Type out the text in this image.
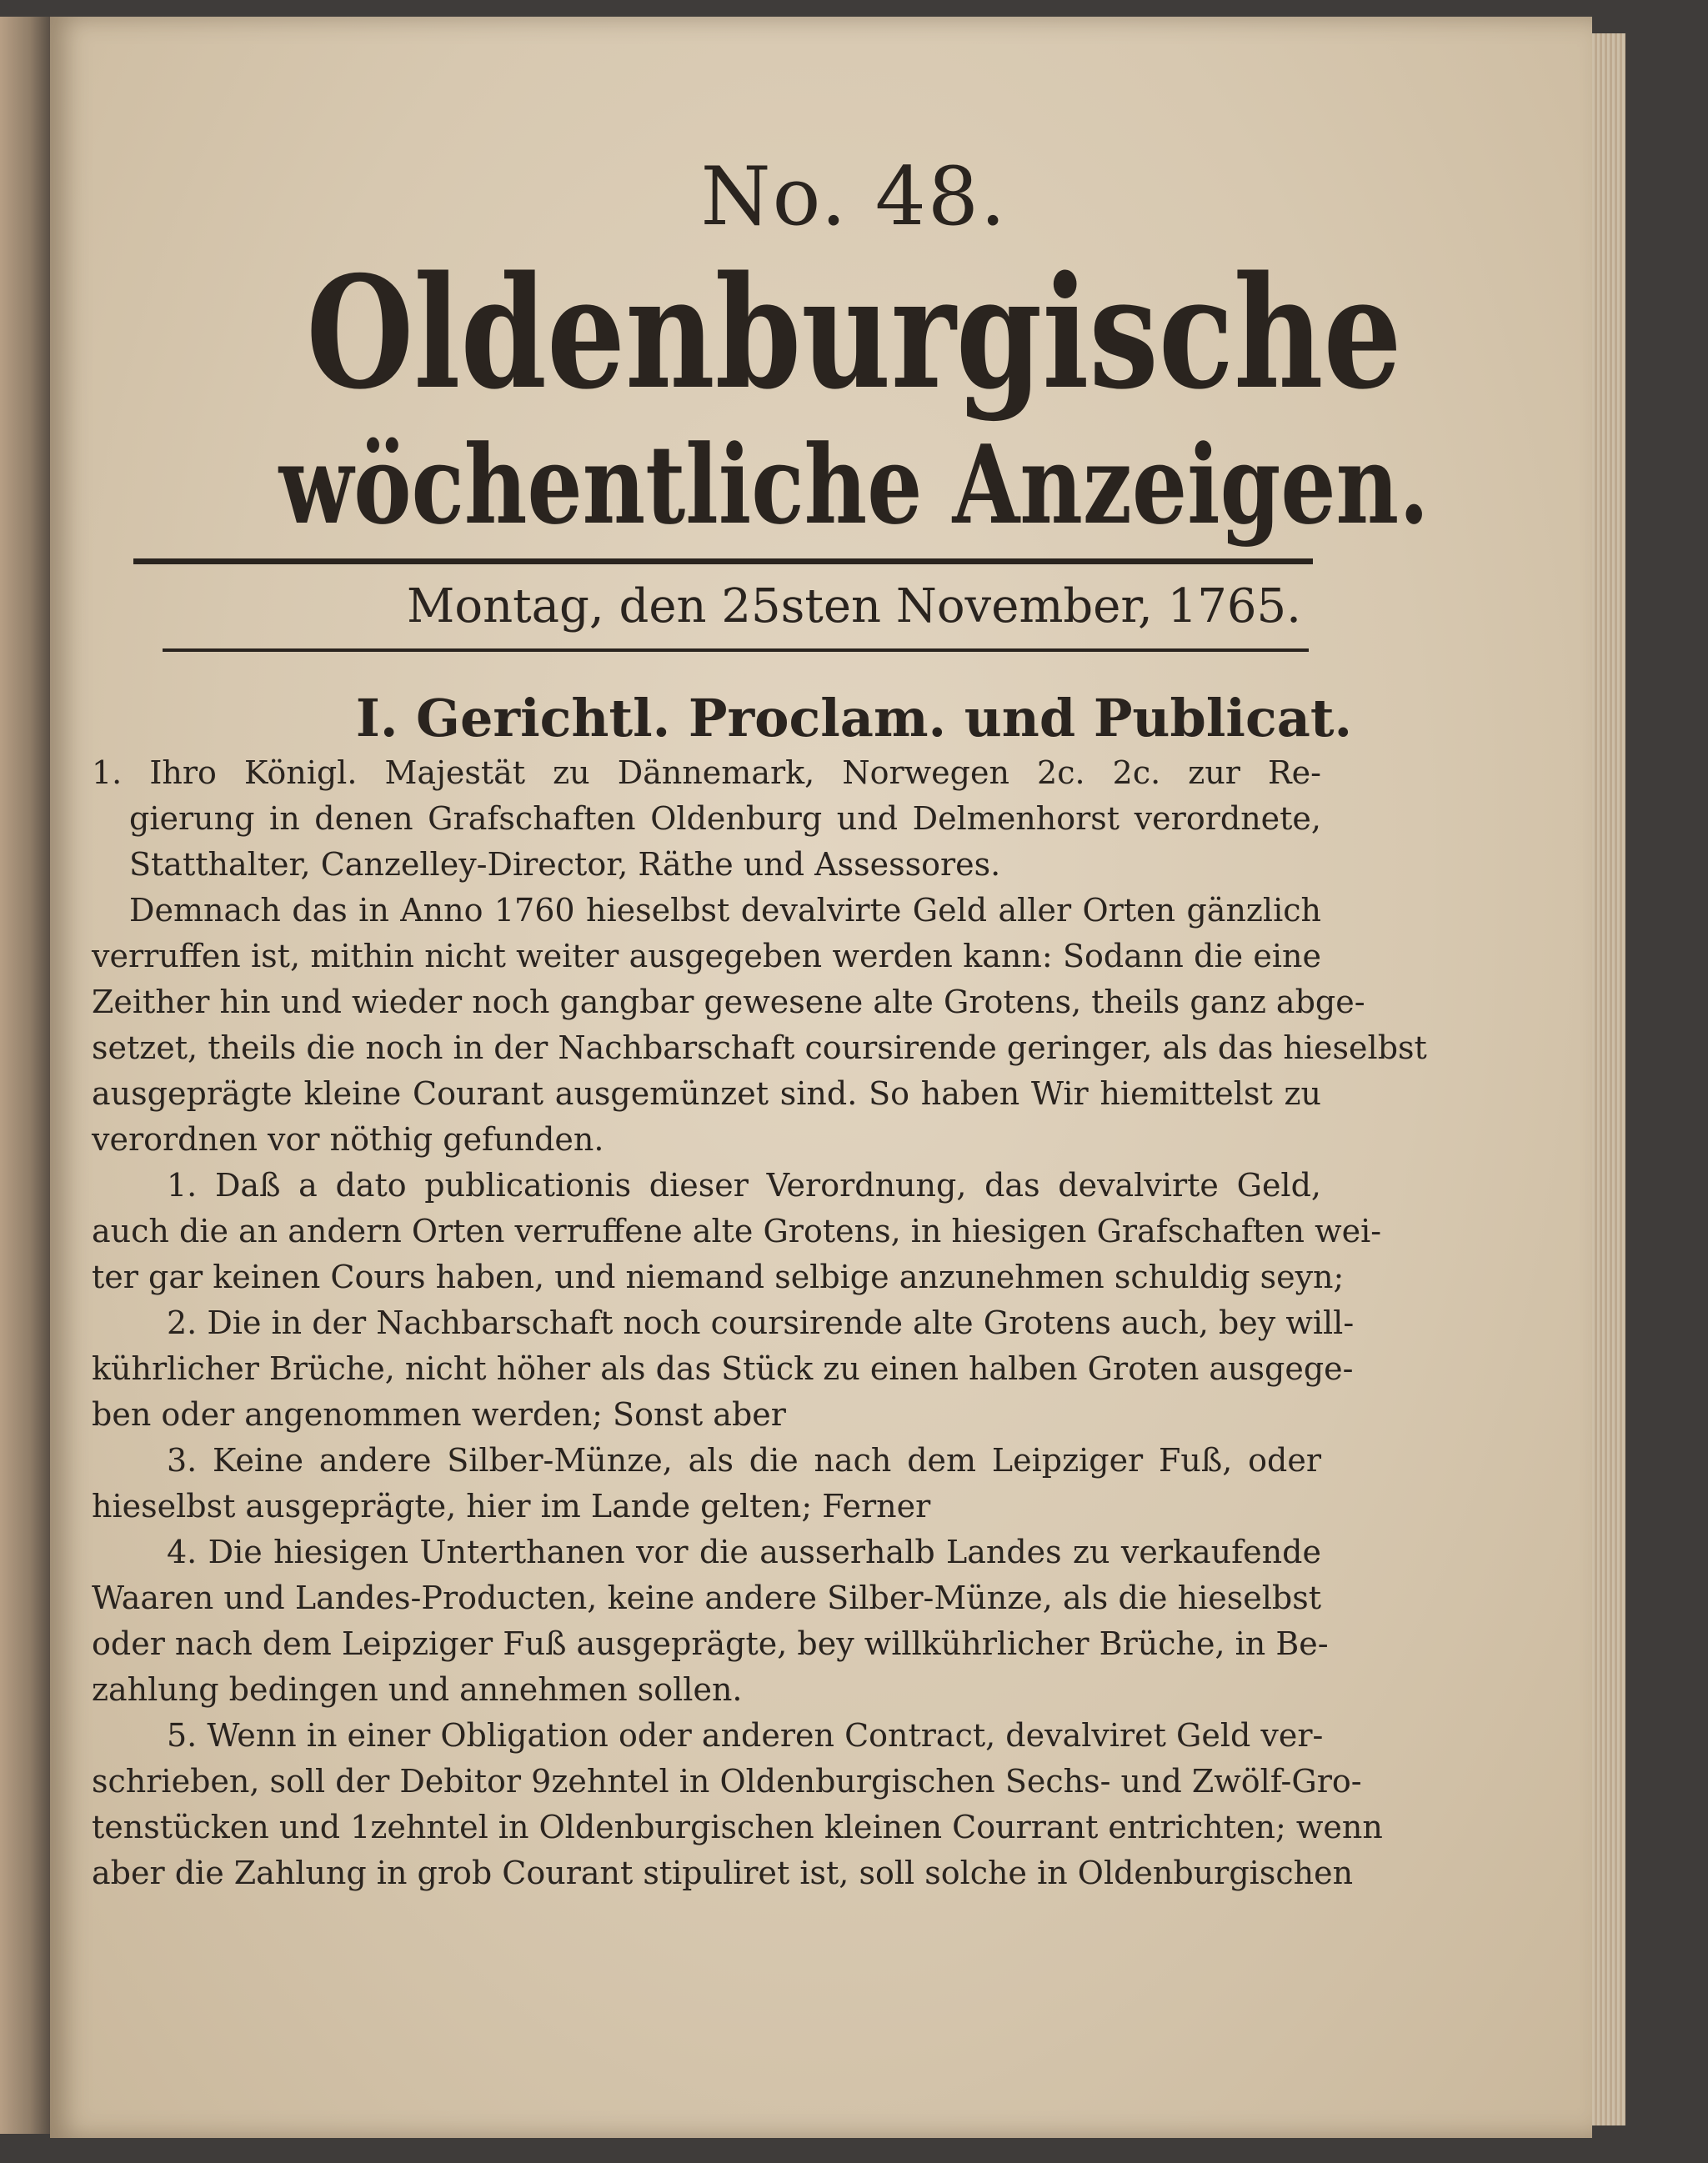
No. 48.
Oldenburgische
wöchentliche Anzeigen.
Montag, den 25sten November, 1765.
I. Gerichtl. Proclam. und Publicat.
1. Ihro Königl. Majestät zu Dännemark, Norwegen 2c. 2c. zur Re-
gierung in denen Grafschaften Oldenburg und Delmenhorst verordnete,
Statthalter, Canzelley-Director, Räthe und Assessores.
Demnach das in Anno 1760 hieselbst devalvirte Geld aller Orten gänzlich
verruffen ist, mithin nicht weiter ausgegeben werden kann: Sodann die eine
Zeither hin und wieder noch gangbar gewesene alte Grotens, theils ganz abge-
setzet, theils die noch in der Nachbarschaft coursirende geringer, als das hieselbst
ausgeprägte kleine Courant ausgemünzet sind. So haben Wir hiemittelst zu
verordnen vor nöthig gefunden.
1. Daß a dato publicationis dieser Verordnung, das devalvirte Geld,
auch die an andern Orten verruffene alte Grotens, in hiesigen Grafschaften wei-
ter gar keinen Cours haben, und niemand selbige anzunehmen schuldig seyn;
2. Die in der Nachbarschaft noch coursirende alte Grotens auch, bey will-
kührlicher Brüche, nicht höher als das Stück zu einen halben Groten ausgege-
ben oder angenommen werden; Sonst aber
3. Keine andere Silber-Münze, als die nach dem Leipziger Fuß, oder
hieselbst ausgeprägte, hier im Lande gelten; Ferner
4. Die hiesigen Unterthanen vor die ausserhalb Landes zu verkaufende
Waaren und Landes-Producten, keine andere Silber-Münze, als die hieselbst
oder nach dem Leipziger Fuß ausgeprägte, bey willkührlicher Brüche, in Be-
zahlung bedingen und annehmen sollen.
5. Wenn in einer Obligation oder anderen Contract, devalviret Geld ver-
schrieben, soll der Debitor 9zehntel in Oldenburgischen Sechs- und Zwölf-Gro-
tenstücken und 1zehntel in Oldenburgischen kleinen Courrant entrichten; wenn
aber die Zahlung in grob Courant stipuliret ist, soll solche in Oldenburgischen
